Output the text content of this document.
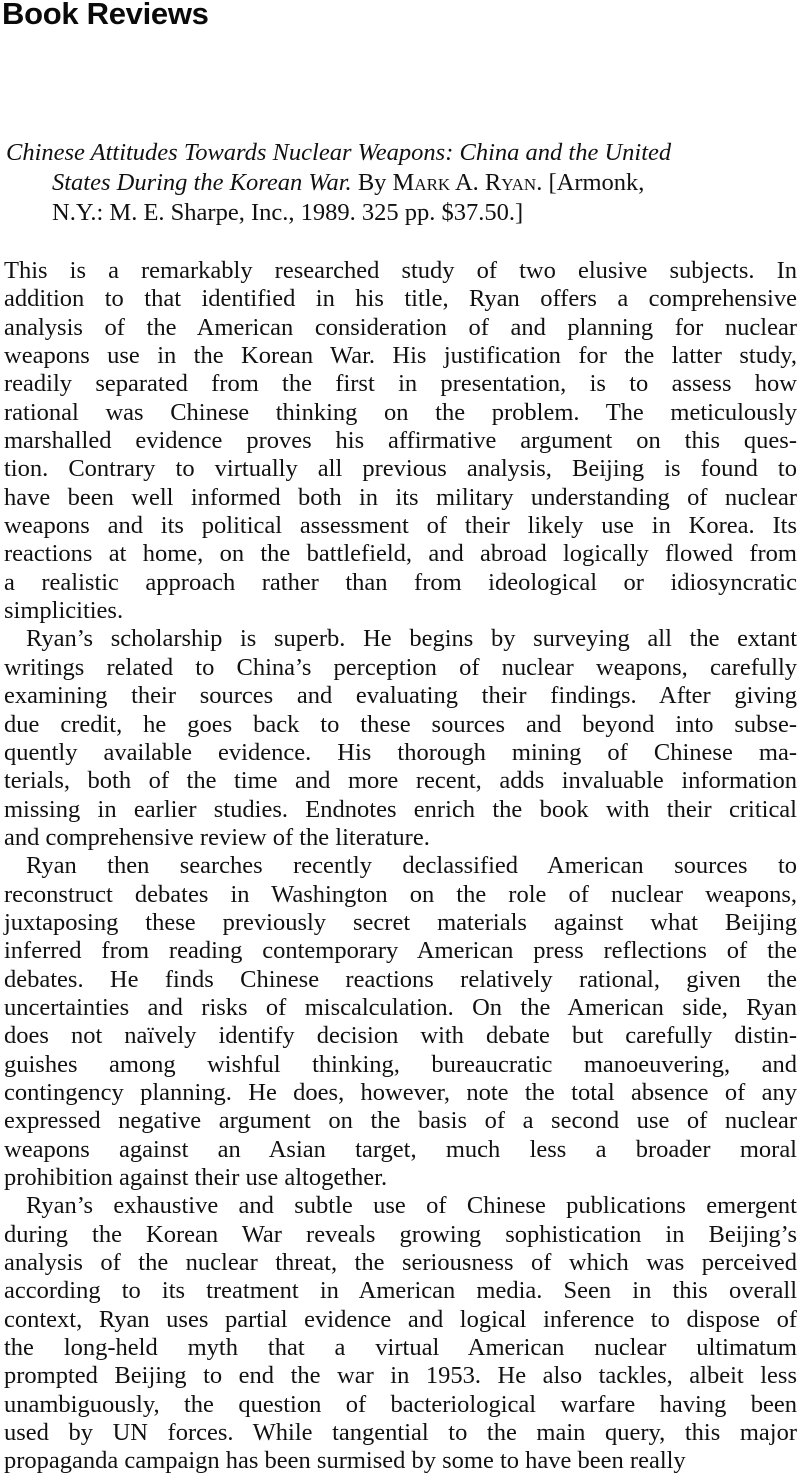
Book Reviews
Chinese Attitudes Towards Nuclear Weapons: China and the United
States During the Korean War. By Mark A. Ryan. [Armonk,
N.Y.: M. E. Sharpe, Inc., 1989. 325 pp. $37.50.]
This is a remarkably researched study of two elusive subjects. In
addition to that identified in his title, Ryan offers a comprehensive
analysis of the American consideration of and planning for nuclear
weapons use in the Korean War. His justification for the latter study,
readily separated from the first in presentation, is to assess how
rational was Chinese thinking on the problem. The meticulously
marshalled evidence proves his affirmative argument on this ques-
tion. Contrary to virtually all previous analysis, Beijing is found to
have been well informed both in its military understanding of nuclear
weapons and its political assessment of their likely use in Korea. Its
reactions at home, on the battlefield, and abroad logically flowed from
a realistic approach rather than from ideological or idiosyncratic
simplicities.
Ryan’s scholarship is superb. He begins by surveying all the extant
writings related to China’s perception of nuclear weapons, carefully
examining their sources and evaluating their findings. After giving
due credit, he goes back to these sources and beyond into subse-
quently available evidence. His thorough mining of Chinese ma-
terials, both of the time and more recent, adds invaluable information
missing in earlier studies. Endnotes enrich the book with their critical
and comprehensive review of the literature.
Ryan then searches recently declassified American sources to
reconstruct debates in Washington on the role of nuclear weapons,
juxtaposing these previously secret materials against what Beijing
inferred from reading contemporary American press reflections of the
debates. He finds Chinese reactions relatively rational, given the
uncertainties and risks of miscalculation. On the American side, Ryan
does not naïvely identify decision with debate but carefully distin-
guishes among wishful thinking, bureaucratic manoeuvering, and
contingency planning. He does, however, note the total absence of any
expressed negative argument on the basis of a second use of nuclear
weapons against an Asian target, much less a broader moral
prohibition against their use altogether.
Ryan’s exhaustive and subtle use of Chinese publications emergent
during the Korean War reveals growing sophistication in Beijing’s
analysis of the nuclear threat, the seriousness of which was perceived
according to its treatment in American media. Seen in this overall
context, Ryan uses partial evidence and logical inference to dispose of
the long-held myth that a virtual American nuclear ultimatum
prompted Beijing to end the war in 1953. He also tackles, albeit less
unambiguously, the question of bacteriological warfare having been
used by UN forces. While tangential to the main query, this major
propaganda campaign has been surmised by some to have been really
